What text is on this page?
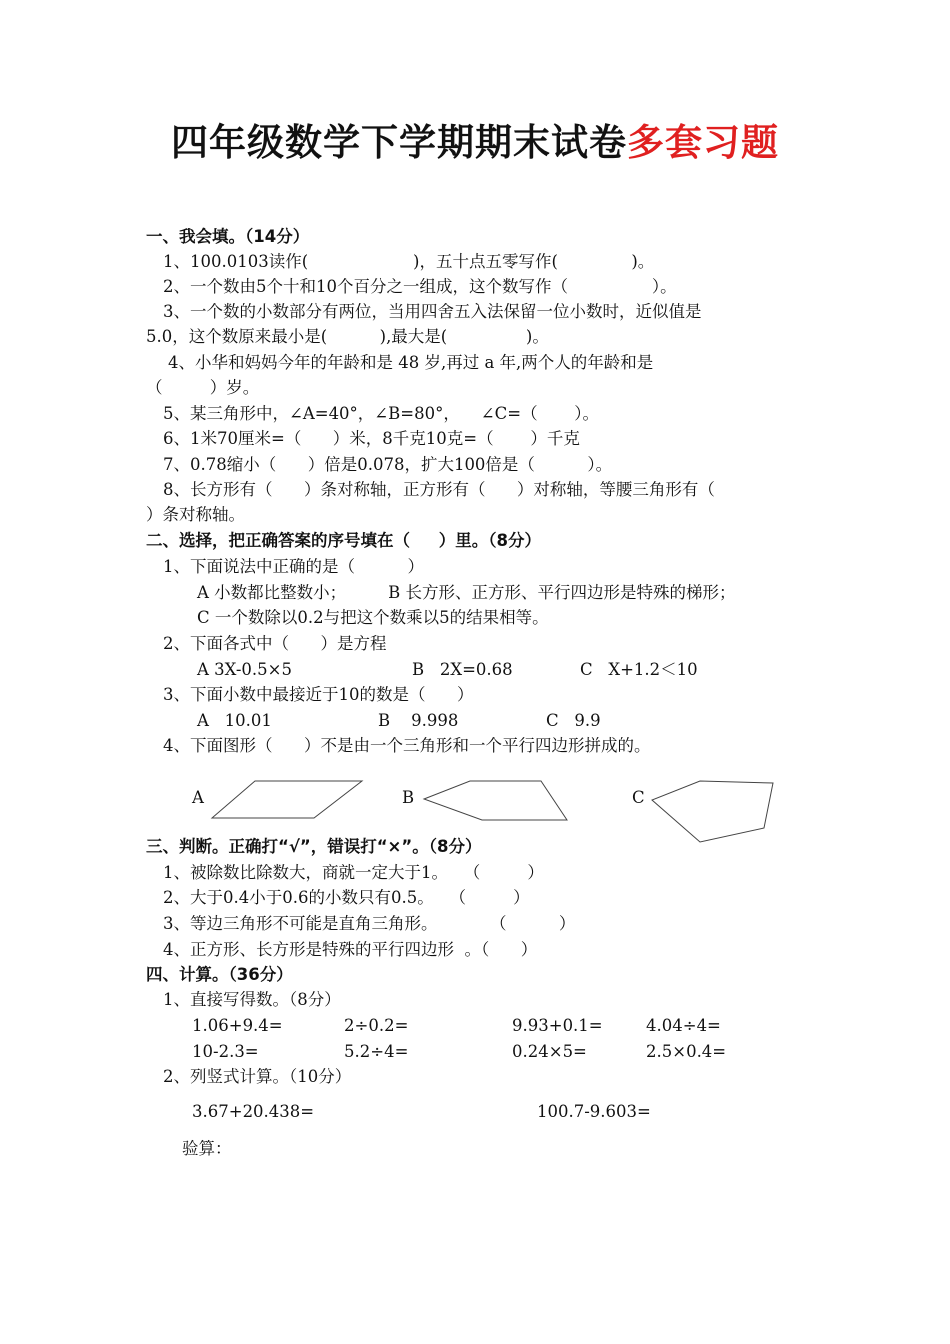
四年级数学下学期期末试卷多套习题
一、我会填。（14分）
1、100.0103读作(                    )，五十点五零写作(              )。
2、一个数由5个十和10个百分之一组成，这个数写作（                ）。
3、一个数的小数部分有两位，当用四舍五入法保留一位小数时，近似值是
5.0，这个数原来最小是(          ),最大是(               )。
4、小华和妈妈今年的年龄和是 48 岁,再过 a 年,两个人的年龄和是
（         ）岁。
5、某三角形中，∠A=40°，∠B=80°，    ∠C=（       ）。
6、1米70厘米=（      ）米，8千克10克=（       ）千克
7、0.78缩小（      ）倍是0.078，扩大100倍是（          ）。
8、长方形有（      ）条对称轴，正方形有（      ）对称轴，等腰三角形有（
）条对称轴。
二、选择，把正确答案的序号填在（     ）里。（8分）
1、下面说法中正确的是（          ）
A 小数都比整数小；        B 长方形、正方形、平行四边形是特殊的梯形；
C 一个数除以0.2与把这个数乘以5的结果相等。
2、下面各式中（      ）是方程
A 3X-0.5×5	B   2X=0.68	C   X+1.2＜10
3、下面小数中最接近于10的数是（      ）
A   10.01	B    9.998	C   9.9
4、下面图形（      ）不是由一个三角形和一个平行四边形拼成的。
A	B	C
三、判断。正确打“√”，错误打“×”。（8分）
1、被除数比除数大，商就一定大于1。   （         ）
2、大于0.4小于0.6的小数只有0.5。   （         ）
3、等边三角形不可能是直角三角形。          （          ）
4、正方形、长方形是特殊的平行四边形  。（      ）
四、计算。（36分）
1、直接写得数。（8分）
1.06+9.4=	2÷0.2=	9.93+0.1=	4.04÷4=
10-2.3=	5.2÷4=	0.24×5=	2.5×0.4=
2、列竖式计算。（10分）
3.67+20.438=	100.7-9.603=
验算：
